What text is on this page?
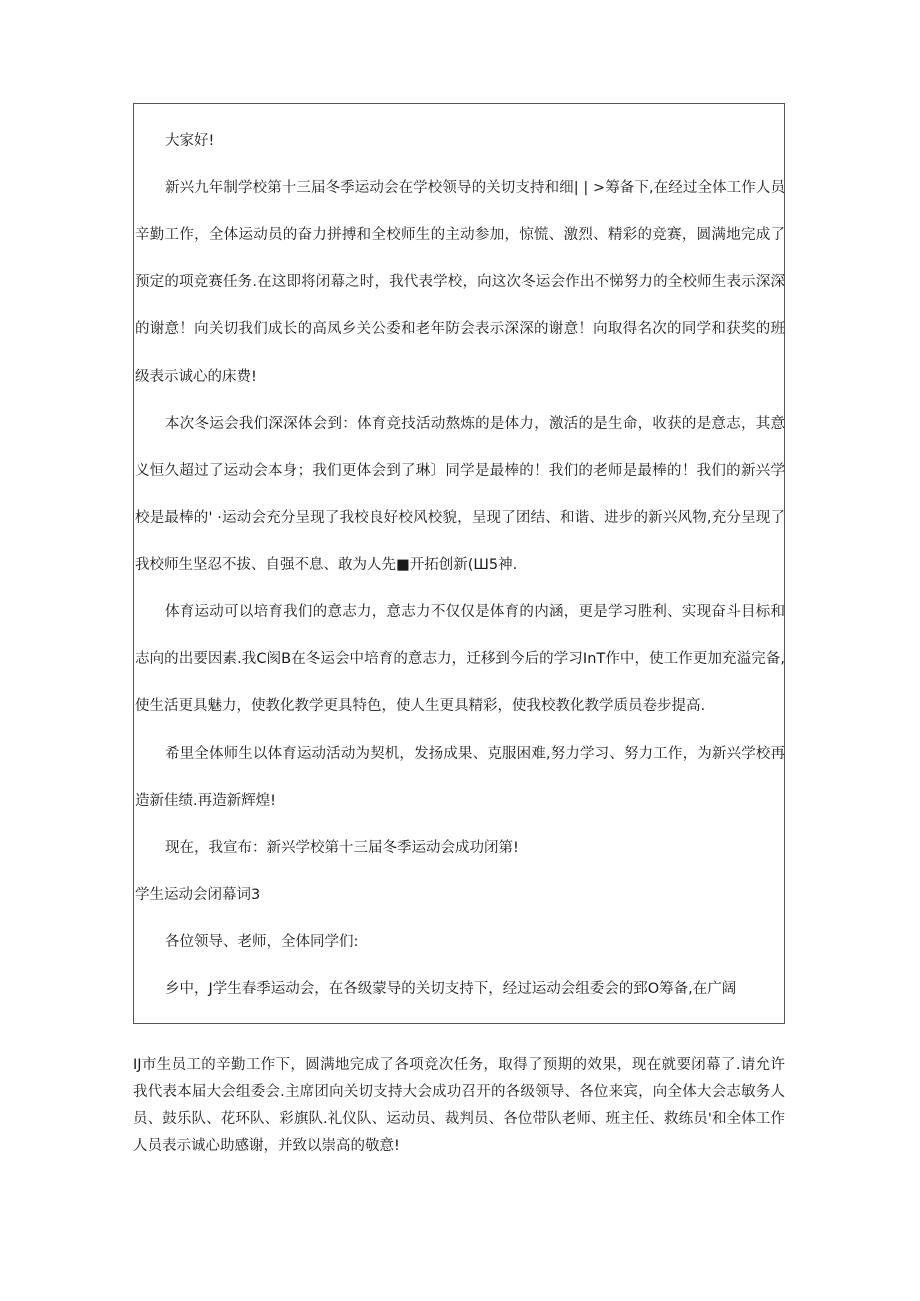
大家好!
新兴九年制学校第十三届冬季运动会在学校领导的关切支持和细| | >筹备下,在经过全体工作人员
辛勤工作，全体运动员的奋力拼搏和全校师生的主动参加，惊慌、激烈、精彩的竞赛，圆满地完成了
预定的项竞赛任务.在这即将闭幕之时，我代表学校，向这次冬运会作出不悌努力的全校师生表示深深
的谢意！向关切我们成长的高凤乡关公委和老年防会表示深深的谢意！向取得名次的同学和获奖的班
级表示诚心的床费!
本次冬运会我们深深体会到：体育竞技活动熬炼的是体力，激活的是生命，收获的是意志，其意
义恒久超过了运动会本身；我们更体会到了琳〕同学是最棒的！我们的老师是最棒的！我们的新兴学
校是最棒的' ·运动会充分呈现了我校良好校风校貌，呈现了团结、和谐、进步的新兴风物,充分呈现了
我校师生坚忍不拔、自强不息、敢为人先■开拓创新(Ш5神.
体育运动可以培育我们的意志力，意志力不仅仅是体育的内涵，更是学习胜利、实现奋斗目标和
志向的岀要因素.我C阂B在冬运会中培育的意志力，迁移到今后的学习InT作中，使工作更加充溢完备,
使生活更具魅力，使教化教学更具特色，使人生更具精彩，使我校教化教学质员卷步提高.
希里全体师生以体育运动活动为契机，发扬成果、克服困难,努力学习、努力工作，为新兴学校再
造新佳绩.再造新辉煌!
现在，我宣布：新兴学校第十三届冬季运动会成功闭第!
学生运动会闭幕词3
各位领导、老师，全体同学们:
乡中，J学生春季运动会，在各级蒙导的关切支持下，经过运动会组委会的郅O筹备,在广阔
IJ市生员工的辛勤工作下，圆满地完成了各项竞次任务，取得了预期的效果，现在就要闭幕了.请允许
我代表本届大会组委会.主席团向关切支持大会成功召开的各级领导、各位来宾，向全体大会志敏务人
员、鼓乐队、花环队、彩旗队.礼仪队、运动员、裁判员、各位带队老师、班主任、救练员'和全体工作
人员表示诚心助感谢，并致以崇高的敬意!
